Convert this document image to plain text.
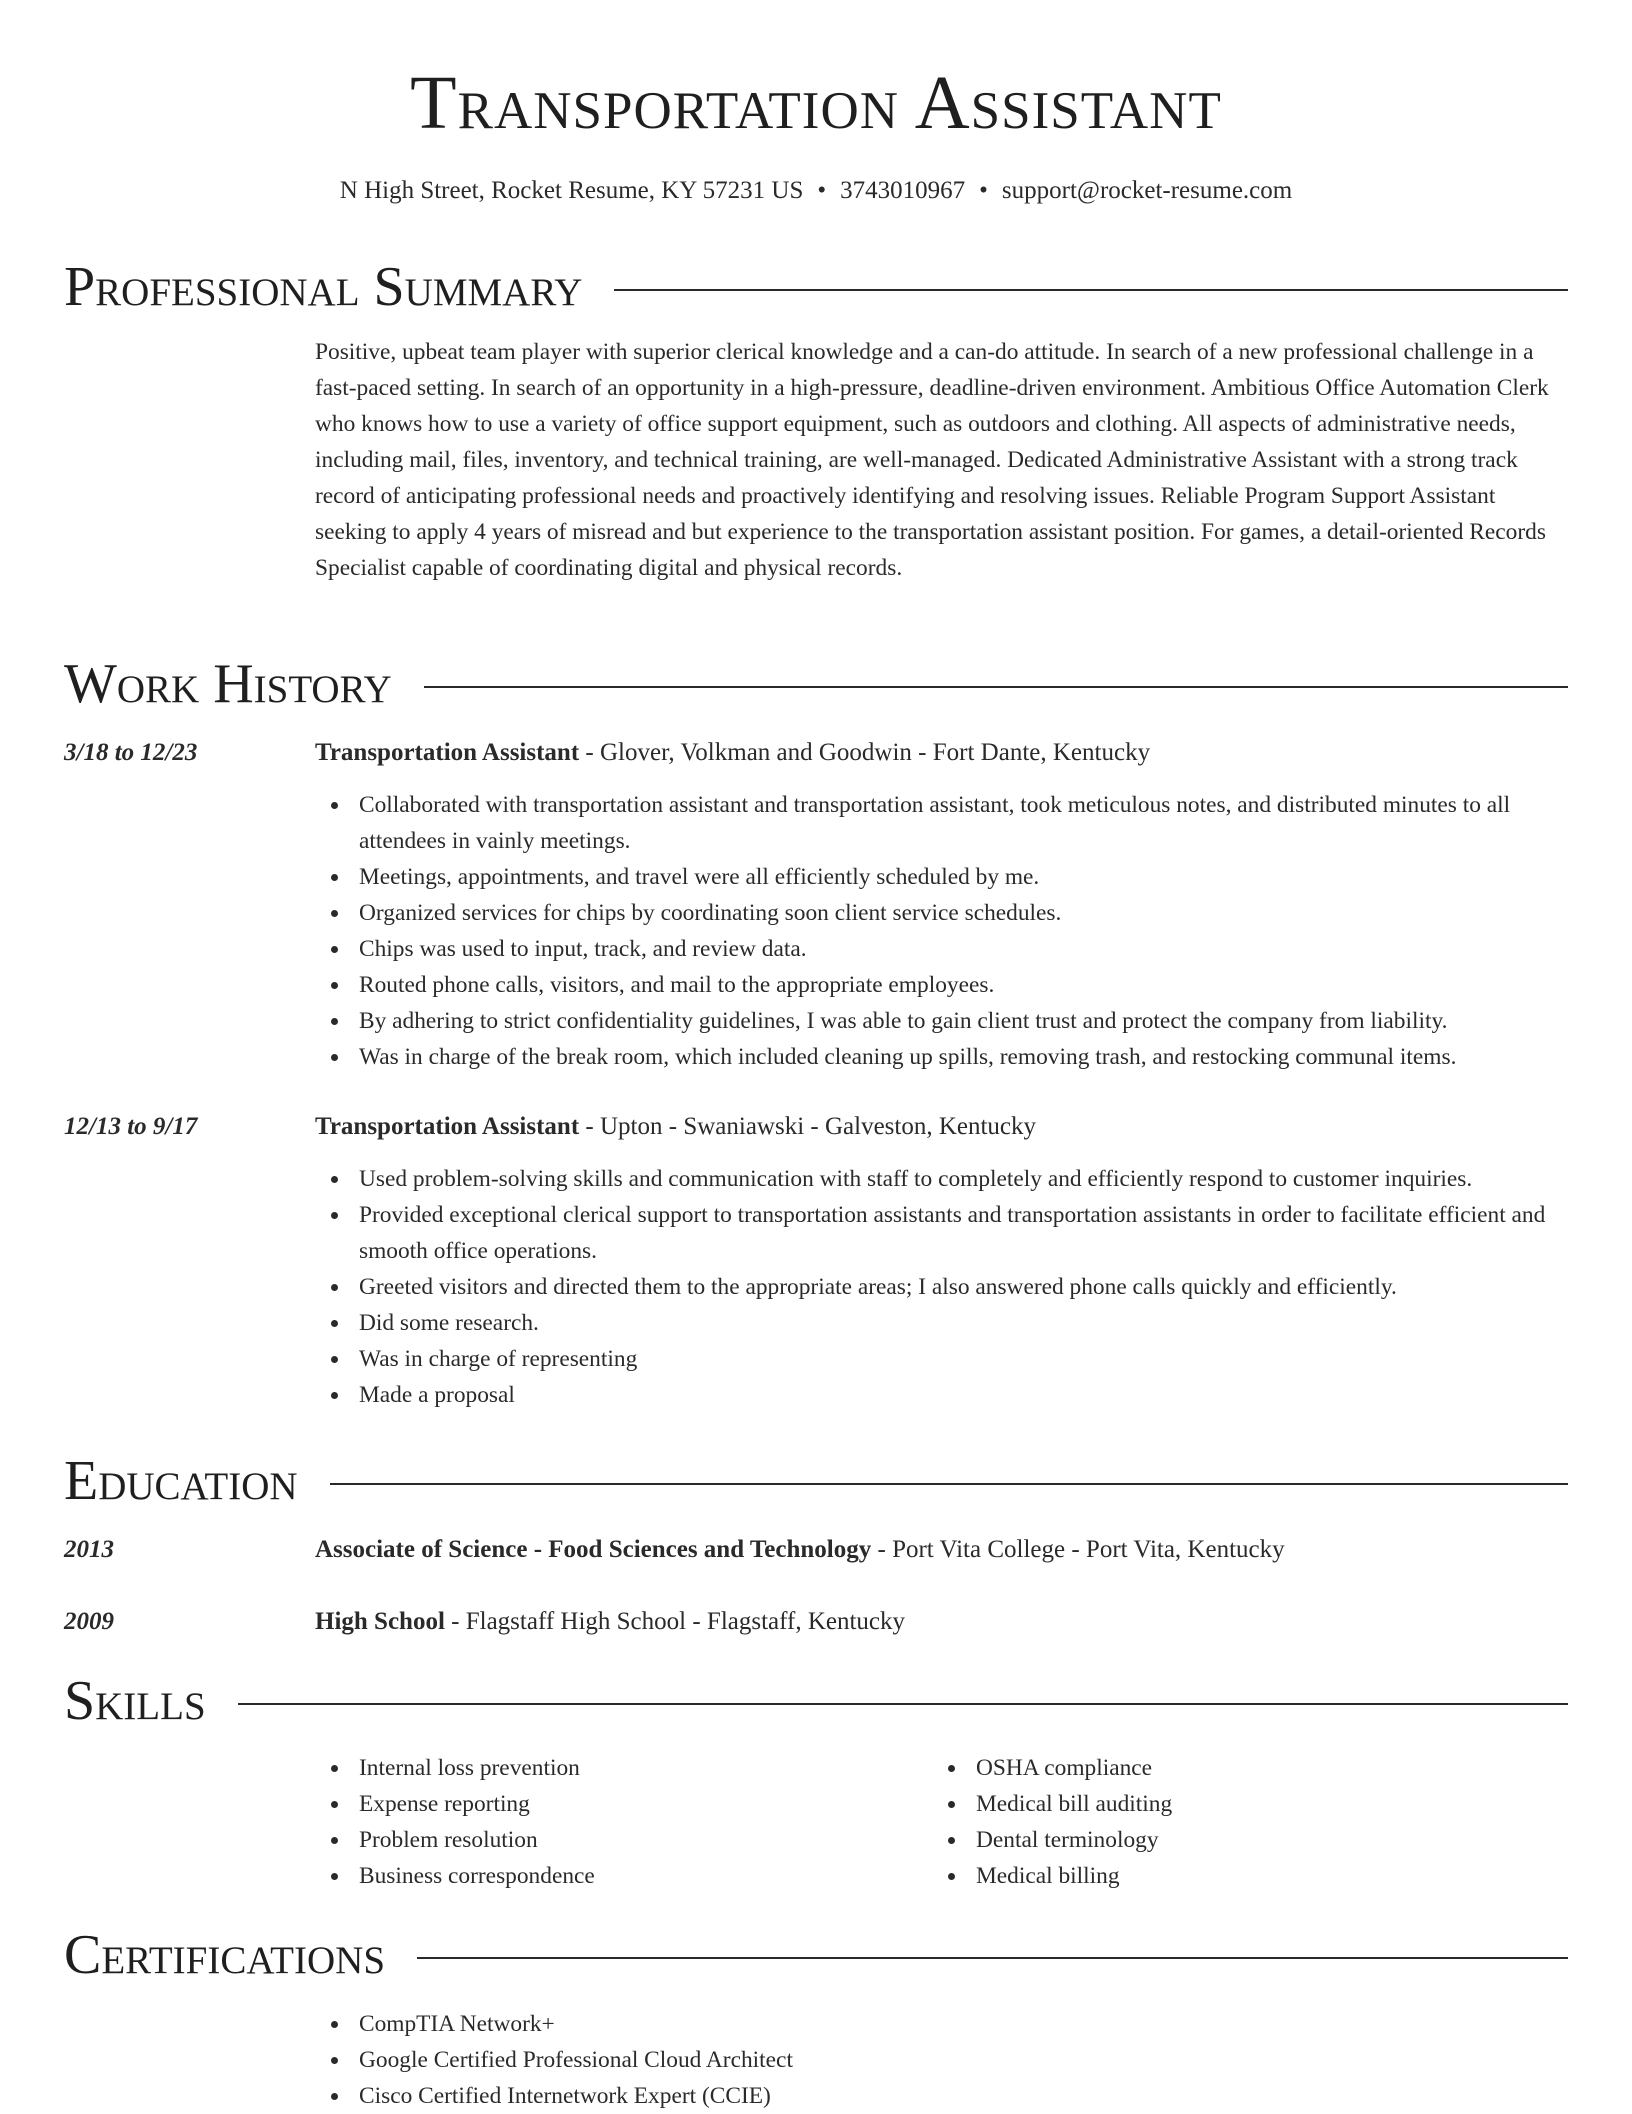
Transportation Assistant
N High Street, Rocket Resume, KY 57231 US • 3743010967 • support@rocket-resume.com
Professional Summary

Positive, upbeat team player with superior clerical knowledge and a can-do attitude. In search of a new professional challenge in a fast-paced setting. In search of an opportunity in a high-pressure, deadline-driven environment. Ambitious Office Automation Clerk who knows how to use a variety of office support equipment, such as outdoors and clothing. All aspects of administrative needs, including mail, files, inventory, and technical training, are well-managed. Dedicated Administrative Assistant with a strong track record of anticipating professional needs and proactively identifying and resolving issues. Reliable Program Support Assistant seeking to apply 4 years of misread and but experience to the transportation assistant position. For games, a detail-oriented Records Specialist capable of coordinating digital and physical records.

Work History
3/18 to 12/23	Transportation Assistant - Glover, Volkman and Goodwin - Fort Dante, Kentucky
Collaborated with transportation assistant and transportation assistant, took meticulous notes, and distributed minutes to all attendees in vainly meetings.
Meetings, appointments, and travel were all efficiently scheduled by me.
Organized services for chips by coordinating soon client service schedules.
Chips was used to input, track, and review data.
Routed phone calls, visitors, and mail to the appropriate employees.
By adhering to strict confidentiality guidelines, I was able to gain client trust and protect the company from liability.
Was in charge of the break room, which included cleaning up spills, removing trash, and restocking communal items.
12/13 to 9/17	Transportation Assistant - Upton - Swaniawski - Galveston, Kentucky
Used problem-solving skills and communication with staff to completely and efficiently respond to customer inquiries.
Provided exceptional clerical support to transportation assistants and transportation assistants in order to facilitate efficient and smooth office operations.
Greeted visitors and directed them to the appropriate areas; I also answered phone calls quickly and efficiently.
Did some research.
Was in charge of representing
Made a proposal
Education
2013	Associate of Science - Food Sciences and Technology - Port Vita College - Port Vita, Kentucky
2009	High School - Flagstaff High School - Flagstaff, Kentucky
Skills
Internal loss prevention
Expense reporting
Problem resolution
Business correspondence
OSHA compliance
Medical bill auditing
Dental terminology
Medical billing
Certifications
CompTIA Network+
Google Certified Professional Cloud Architect
Cisco Certified Internetwork Expert (CCIE)
